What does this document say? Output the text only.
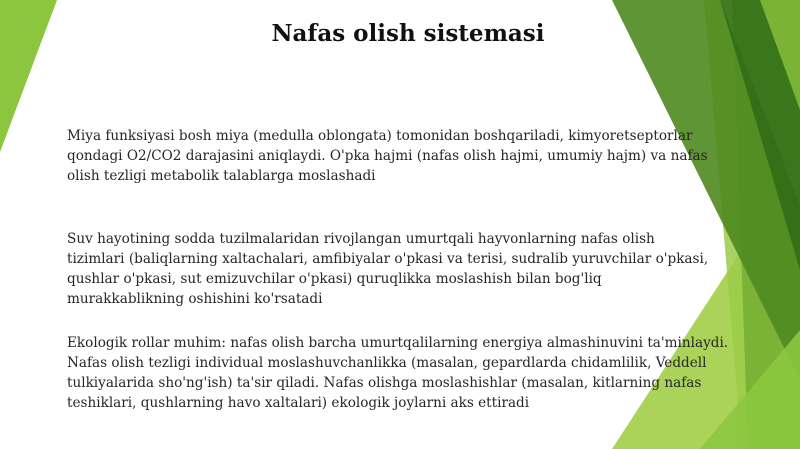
Nafas olish sistemasi

Miya funksiyasi bosh miya (medulla oblongata) tomonidan boshqariladi, kimyoretseptorlar
qondagi O2/CO2 darajasini aniqlaydi. O'pka hajmi (nafas olish hajmi, umumiy hajm) va nafas
olish tezligi metabolik talablarga moslashadi

Suv hayotining sodda tuzilmalaridan rivojlangan umurtqali hayvonlarning nafas olish
tizimlari (baliqlarning xaltachalari, amfibiyalar o'pkasi va terisi, sudralib yuruvchilar o'pkasi,
qushlar o'pkasi, sut emizuvchilar o'pkasi) quruqlikka moslashish bilan bog'liq
murakkablikning oshishini ko'rsatadi

Ekologik rollar muhim: nafas olish barcha umurtqalilarning energiya almashinuvini ta'minlaydi.
Nafas olish tezligi individual moslashuvchanlikka (masalan, gepardlarda chidamlilik, Veddell
tulkiyalarida sho'ng'ish) ta'sir qiladi. Nafas olishga moslashishlar (masalan, kitlarning nafas
teshiklari, qushlarning havo xaltalari) ekologik joylarni aks ettiradi
